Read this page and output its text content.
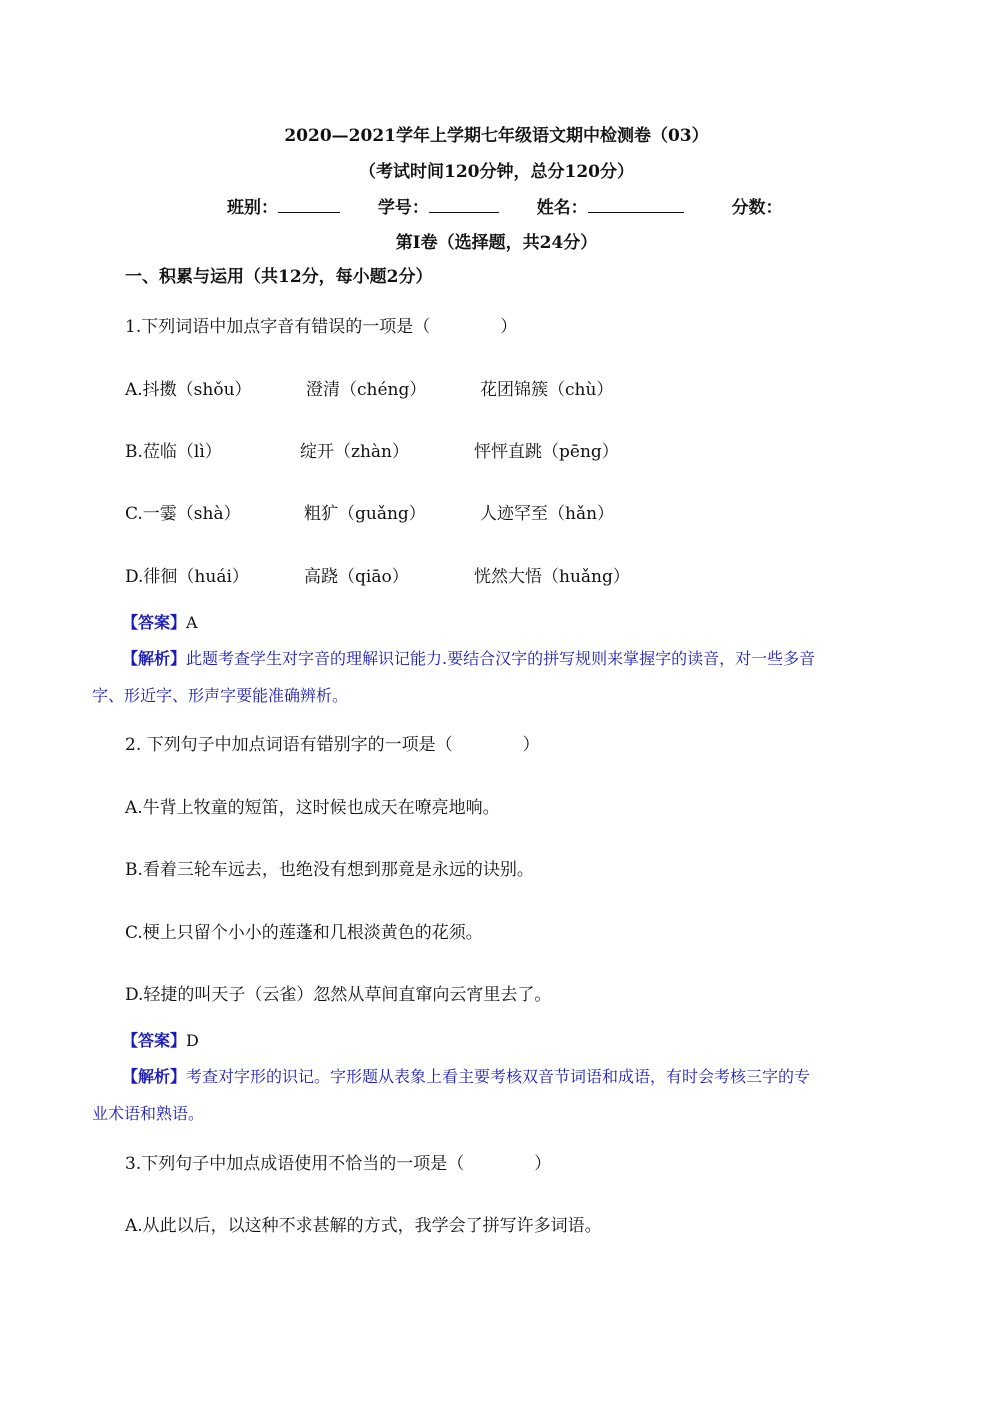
2020—2021学年上学期七年级语文期中检测卷（03）
（考试时间120分钟，总分120分）
班别：	学号：	姓名：	分数：
第Ⅰ卷（选择题，共24分）
一、积累与运用（共12分，每小题2分）
1.下列词语中加点字音有错误的一项是（	）
A.抖擞（shǒu）	澄清（chéng）	花团锦簇（chù）
B.莅临（lì）	绽开（zhàn）	怦怦直跳（pēng）
C.一霎（shà）	粗犷（guǎng）	人迹罕至（hǎn）
D.徘徊（huái）	高跷（qiāo）	恍然大悟（huǎng）
【答案】A
【解析】此题考查学生对字音的理解识记能力.要结合汉字的拼写规则来掌握字的读音，对一些多音
字、形近字、形声字要能准确辨析。
2. 下列句子中加点词语有错别字的一项是（	）
A.牛背上牧童的短笛，这时候也成天在嘹亮地响。
B.看着三轮车远去，也绝没有想到那竟是永远的诀别。
C.梗上只留个小小的莲蓬和几根淡黄色的花须。
D.轻捷的叫天子（云雀）忽然从草间直窜向云宵里去了。
【答案】D
【解析】考查对字形的识记。字形题从表象上看主要考核双音节词语和成语，有时会考核三字的专
业术语和熟语。
3.下列句子中加点成语使用不恰当的一项是（	）
A.从此以后，以这种不求甚解的方式，我学会了拼写许多词语。
